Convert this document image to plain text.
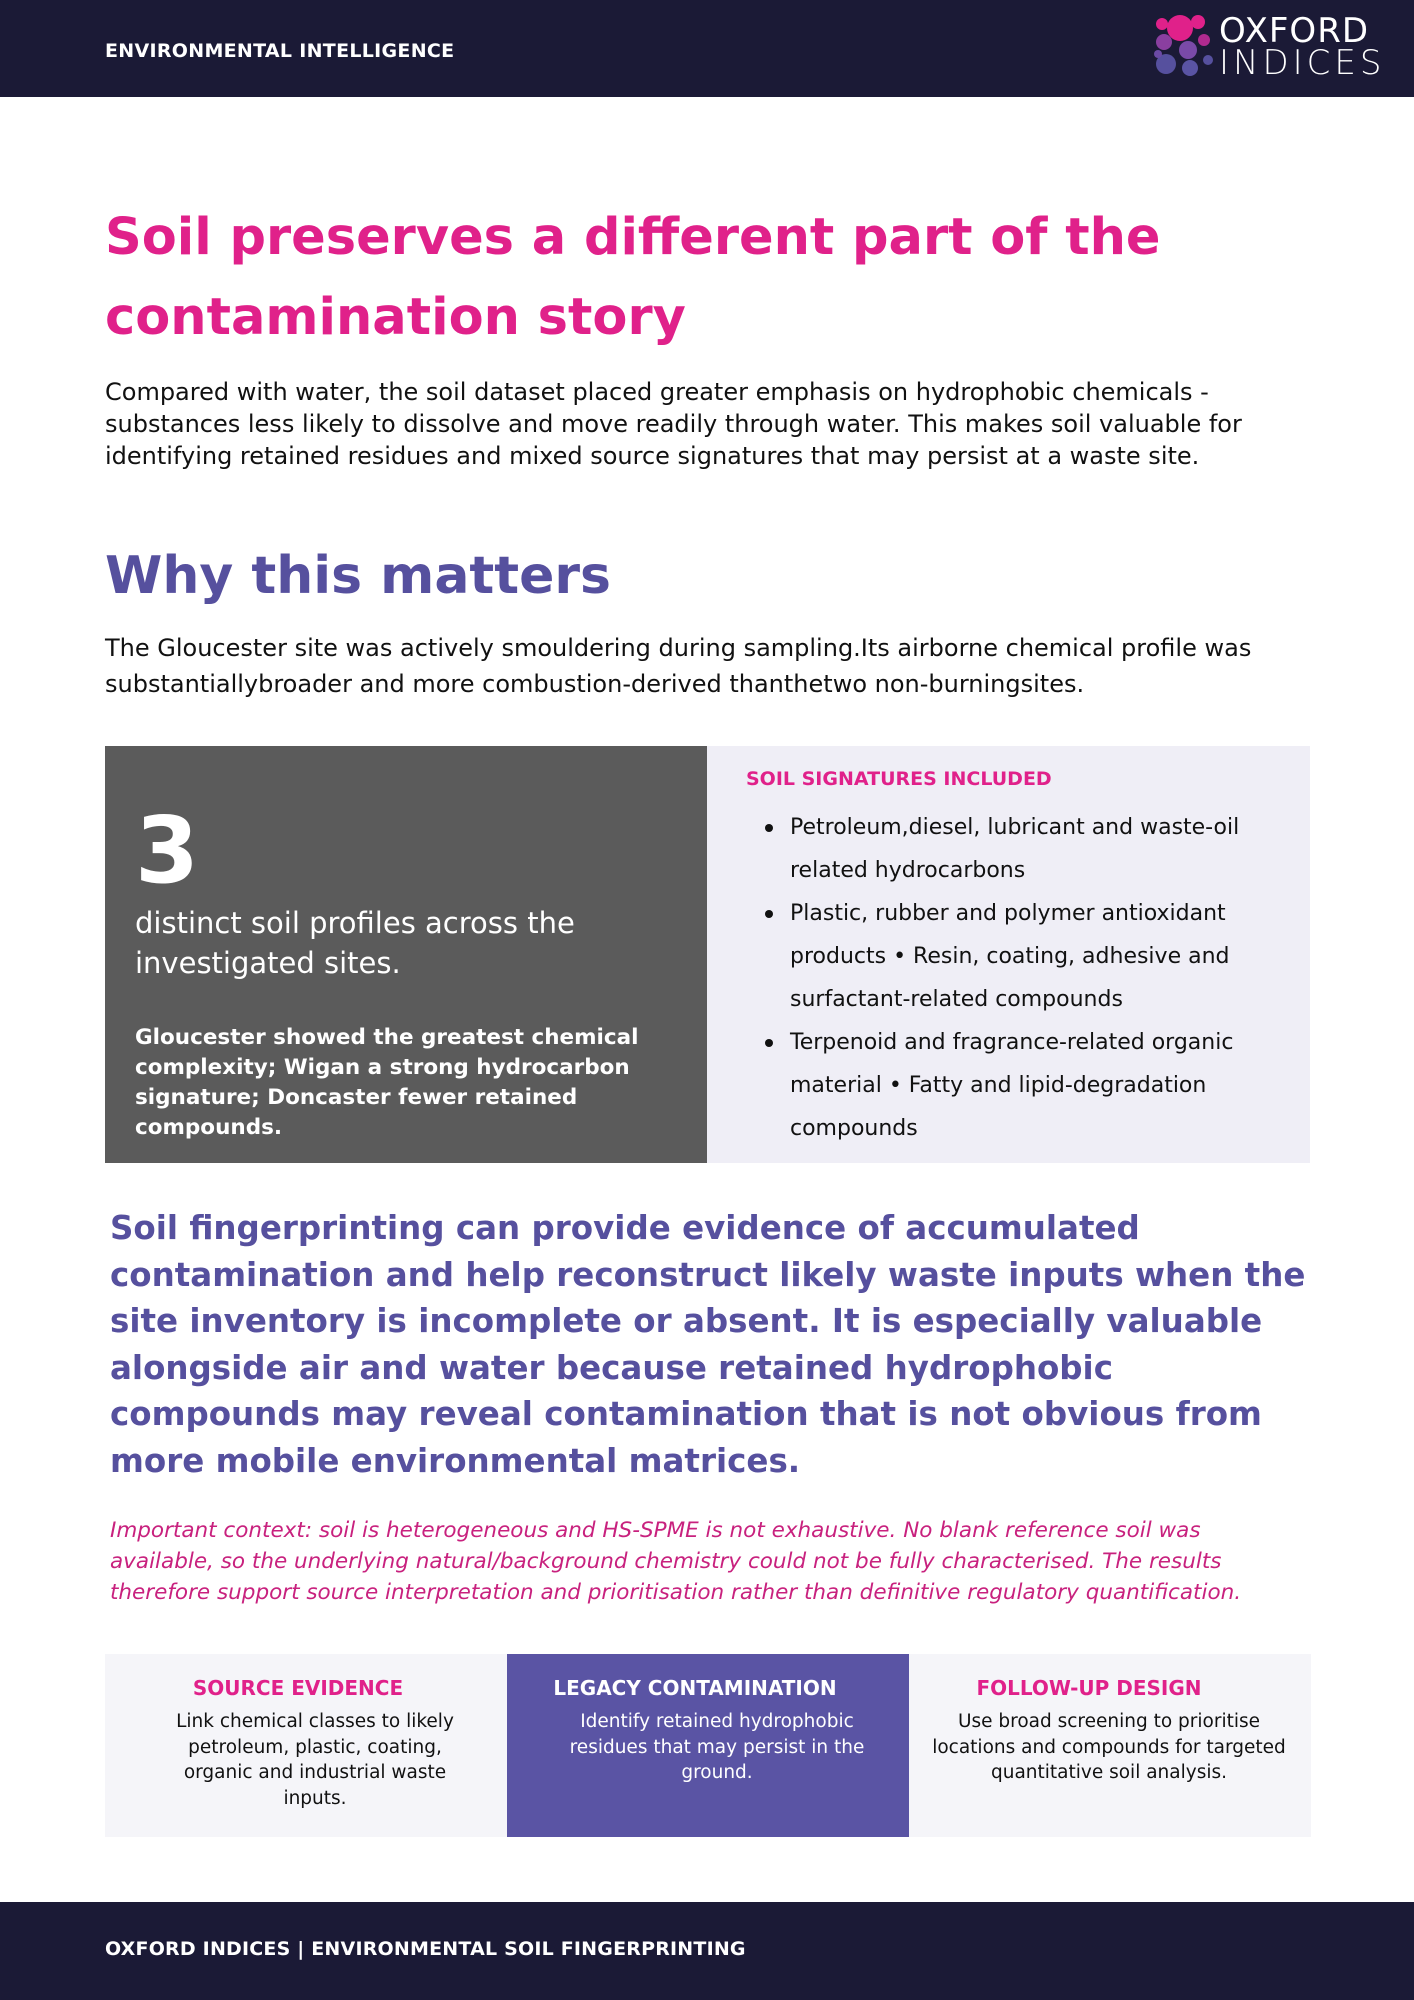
ENVIRONMENTAL INTELLIGENCE	OXFORD
INDICES
Soil preserves a different part of the contamination story
Compared with water, the soil dataset placed greater emphasis on hydrophobic chemicals - substances less likely to dissolve and move readily through water. This makes soil valuable for identifying retained residues and mixed source signatures that may persist at a waste site.
Why this matters
The Gloucester site was actively smouldering during sampling.Its airborne chemical profile was substantiallybroader and more combustion-derived thanthetwo non-burningsites.
3
distinct soil profiles across the investigated sites.
Gloucester showed the greatest chemical complexity; Wigan a strong hydrocarbon signature; Doncaster fewer retained compounds.
SOIL SIGNATURES INCLUDED
Petroleum,diesel, lubricant and waste-oil related hydrocarbons
Plastic, rubber and polymer antioxidant products • Resin, coating, adhesive and surfactant-related compounds
Terpenoid and fragrance-related organic material • Fatty and lipid-degradation compounds
Soil fingerprinting can provide evidence of accumulated contamination and help reconstruct likely waste inputs when the site inventory is incomplete or absent. It is especially valuable alongside air and water because retained hydrophobic compounds may reveal contamination that is not obvious from more mobile environmental matrices.
Important context: soil is heterogeneous and HS-SPME is not exhaustive. No blank reference soil was available, so the underlying natural/background chemistry could not be fully characterised. The results therefore support source interpretation and prioritisation rather than definitive regulatory quantification.
SOURCE EVIDENCE
Link chemical classes to likely petroleum, plastic, coating, organic and industrial waste inputs.
LEGACY CONTAMINATION
Identify retained hydrophobic residues that may persist in the ground.
FOLLOW-UP DESIGN
Use broad screening to prioritise locations and compounds for targeted quantitative soil analysis.
OXFORD INDICES | ENVIRONMENTAL SOIL FINGERPRINTING
